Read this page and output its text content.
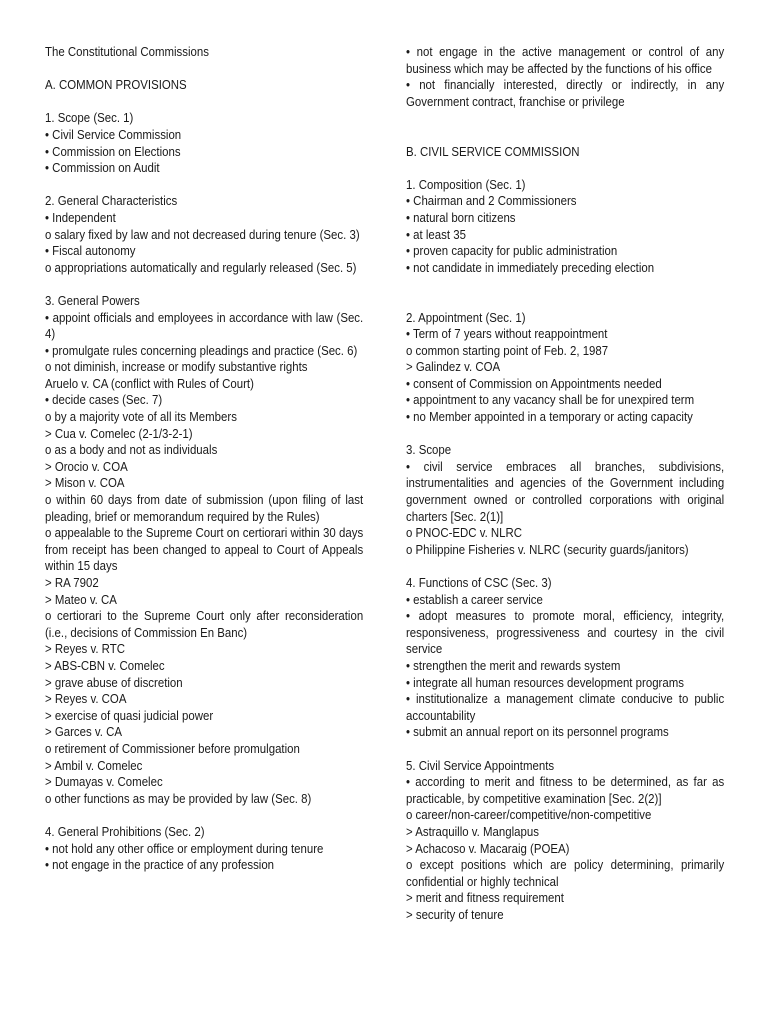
The Constitutional Commissions
A. COMMON PROVISIONS
1. Scope (Sec. 1)
• Civil Service Commission
• Commission on Elections
• Commission on Audit
2. General Characteristics
• Independent
o salary fixed by law and not decreased during tenure (Sec. 3)
• Fiscal autonomy
o appropriations automatically and regularly released (Sec. 5)
3. General Powers
• appoint officials and employees in accordance with law (Sec. 4)
• promulgate rules concerning pleadings and practice (Sec. 6)
o not diminish, increase or modify substantive rights
Aruelo v. CA (conflict with Rules of Court)
• decide cases (Sec. 7)
o by a majority vote of all its Members
> Cua v. Comelec (2-1/3-2-1)
o as a body and not as individuals
> Orocio v. COA
> Mison v. COA
o within 60 days from date of submission (upon filing of last pleading, brief or memorandum required by the Rules)
o appealable to the Supreme Court on certiorari within 30 days from receipt has been changed to appeal to Court of Appeals within 15 days
> RA 7902
> Mateo v. CA
o certiorari to the Supreme Court only after reconsideration (i.e., decisions of Commission En Banc)
> Reyes v. RTC
> ABS-CBN v. Comelec
> grave abuse of discretion
> Reyes v. COA
> exercise of quasi judicial power
> Garces v. CA
o retirement of Commissioner before promulgation
> Ambil v. Comelec
> Dumayas v. Comelec
o other functions as may be provided by law (Sec. 8)
4. General Prohibitions (Sec. 2)
• not hold any other office or employment during tenure
• not engage in the practice of any profession
• not engage in the active management or control of any business which may be affected by the functions of his office
• not financially interested, directly or indirectly, in any Government contract, franchise or privilege
B. CIVIL SERVICE COMMISSION
1. Composition (Sec. 1)
• Chairman and 2 Commissioners
• natural born citizens
• at least 35
• proven capacity for public administration
• not candidate in immediately preceding election
2. Appointment (Sec. 1)
• Term of 7 years without reappointment
o common starting point of Feb. 2, 1987
> Galindez v. COA
• consent of Commission on Appointments needed
• appointment to any vacancy shall be for unexpired term
• no Member appointed in a temporary or acting capacity
3. Scope
• civil service embraces all branches, subdivisions, instrumentalities and agencies of the Government including government owned or controlled corporations with original charters [Sec. 2(1)]
o PNOC-EDC v. NLRC
o Philippine Fisheries v. NLRC (security guards/janitors)
4. Functions of CSC (Sec. 3)
• establish a career service
• adopt measures to promote moral, efficiency, integrity, responsiveness, progressiveness and courtesy in the civil service
• strengthen the merit and rewards system
• integrate all human resources development programs
• institutionalize a management climate conducive to public accountability
• submit an annual report on its personnel programs
5. Civil Service Appointments
• according to merit and fitness to be determined, as far as practicable, by competitive examination [Sec. 2(2)]
o career/non-career/competitive/non-competitive
> Astraquillo v. Manglapus
> Achacoso v. Macaraig (POEA)
o except positions which are policy determining, primarily confidential or highly technical
> merit and fitness requirement
> security of tenure
